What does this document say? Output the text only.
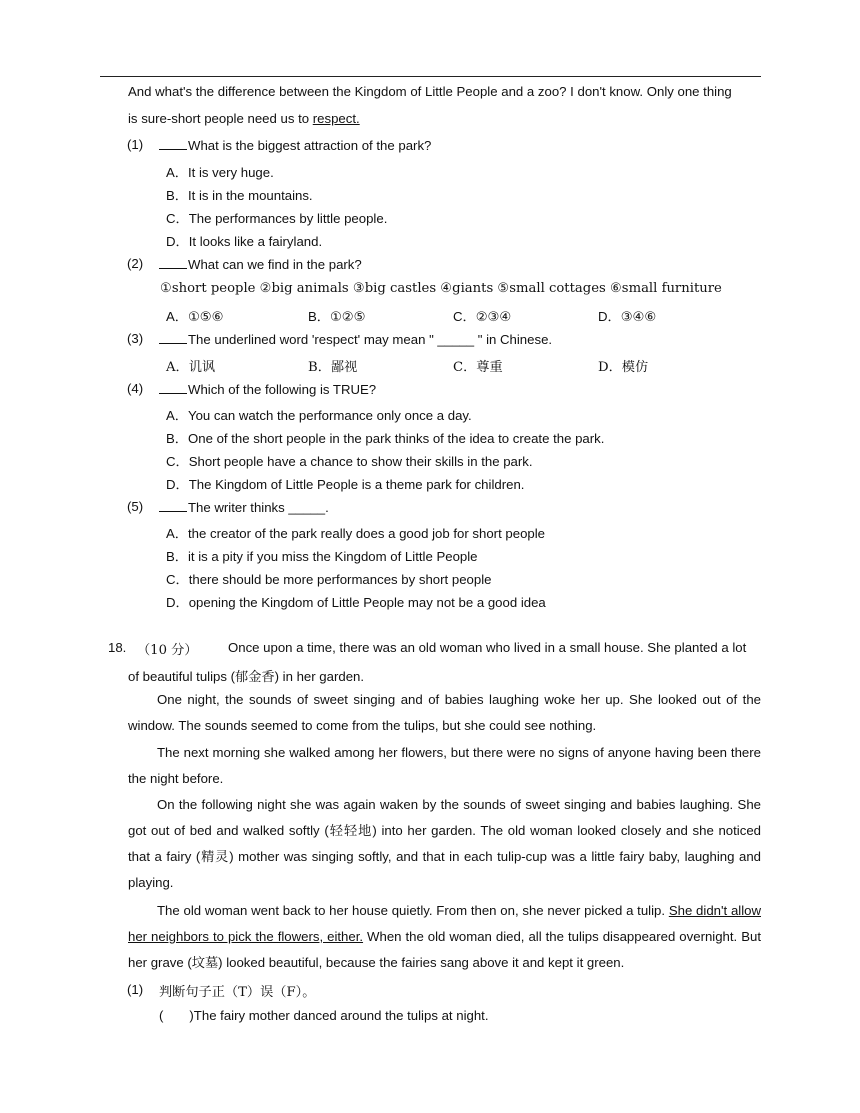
And what's the difference between the Kingdom of Little People and a zoo? I don't know. Only one thing
is sure-short people need us to respect.
(1)	What is the biggest attraction of the park?
A．It is very huge.
B．It is in the mountains.
C．The performances by little people.
D．It looks like a fairyland.
(2)	What can we find in the park?
①short people ②big animals ③big castles ④giants ⑤small cottages ⑥small furniture
A．①⑤⑥	B．①②⑤	C．②③④	D．③④⑥
(3)	The underlined word 'respect' may mean " _____ " in Chinese.
A．讥讽	B．鄙视	C．尊重	D．模仿
(4)	Which of the following is TRUE?
A．You can watch the performance only once a day.
B．One of the short people in the park thinks of the idea to create the park.
C．Short people have a chance to show their skills in the park.
D．The Kingdom of Little People is a theme park for children.
(5)	The writer thinks _____.
A．the creator of the park really does a good job for short people
B．it is a pity if you miss the Kingdom of Little People
C．there should be more performances by short people
D．opening the Kingdom of Little People may not be a good idea
18. （10 分） Once upon a time, there was an old woman who lived in a small house. She planted a lot
of beautiful tulips (郁金香) in her garden.
One night, the sounds of sweet singing and of babies laughing woke her up. She looked out of the window. The sounds seemed to come from the tulips, but she could see nothing.
The next morning she walked among her flowers, but there were no signs of anyone having been there the night before.
On the following night she was again waken by the sounds of sweet singing and babies laughing. She got out of bed and walked softly (轻轻地) into her garden. The old woman looked closely and she noticed that a fairy (精灵) mother was singing softly, and that in each tulip-cup was a little fairy baby, laughing and playing.
The old woman went back to her house quietly. From then on, she never picked a tulip. She didn't allow her neighbors to pick the flowers, either. When the old woman died, all the tulips disappeared overnight. But her grave (坟墓) looked beautiful, because the fairies sang above it and kept it green.
(1) 判断句子正（T）误（F）。
( )The fairy mother danced around the tulips at night.
